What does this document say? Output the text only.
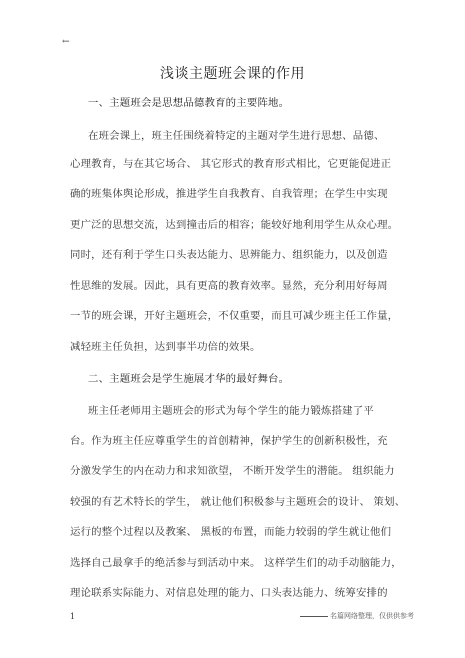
←
浅谈主题班会课的作用
一、主题班会是思想品德教育的主要阵地。
在班会课上，班主任围绕着特定的主题对学生进行思想、品德、
心理教育，与在其它场合、 其它形式的教育形式相比，它更能促进正
确的班集体舆论形成，推进学生自我教育、自我管理；在学生中实现
更广泛的思想交流，达到撞击后的相容；能较好地利用学生从众心理。
同时，还有利于学生口头表达能力、思辨能力、组织能力，以及创造
性思维的发展。因此，具有更高的教育效率。显然，充分利用好每周
一节的班会课，开好主题班会，不仅重要，而且可减少班主任工作量，
减轻班主任负担，达到事半功倍的效果。
二、主题班会是学生施展才华的最好舞台。
班主任老师用主题班会的形式为每个学生的能力锻炼搭建了平
台。作为班主任应尊重学生的首创精神，保护学生的创新积极性，充
分激发学生的内在动力和求知欲望， 不断开发学生的潜能。 组织能力
较强的有艺术特长的学生， 就让他们积极参与主题班会的设计、 策划、
运行的整个过程以及教案、 黑板的布置，而能力较弱的学生就让他们
选择自己最拿手的绝活参与到活动中来。 这样学生们的动手动脑能力，
理论联系实际能力、对信息处理的能力、口头表达能力、统筹安排的
1	名篇网络整理，仅供供参考
